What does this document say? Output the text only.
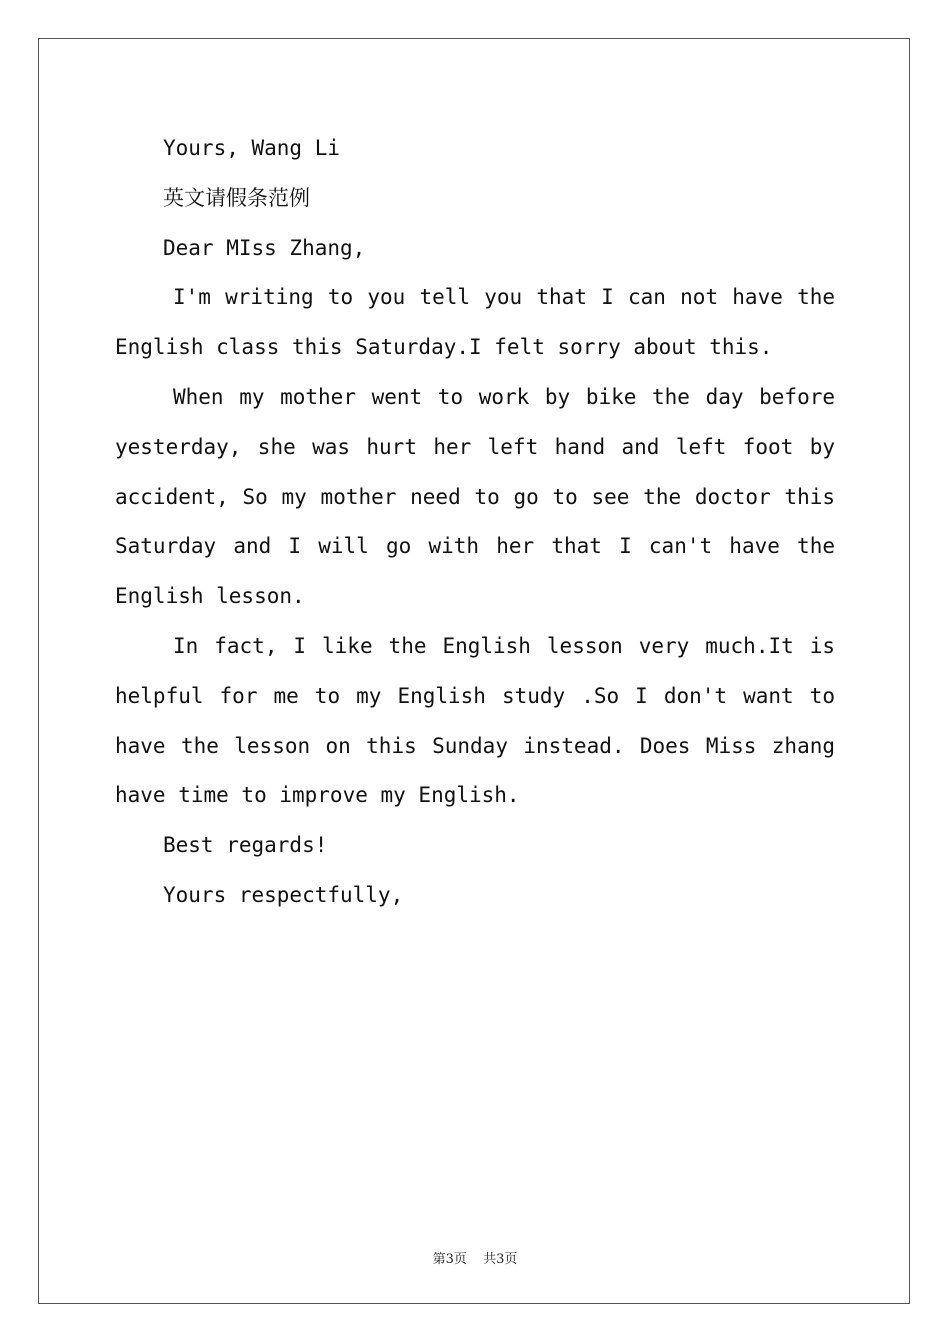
Yours, Wang Li

英文请假条范例

Dear MIss Zhang,

I'm writing to you tell you that I can not have the English class this Saturday.I felt sorry about this.

When my mother went to work by bike the day before yesterday, she was hurt her left hand and left foot by accident, So my mother need to go to see the doctor this Saturday and I will go with her that I can't have the English lesson.

In fact, I like the English lesson very much.It is helpful for me to my English study .So I don't want to have the lesson on this Sunday instead. Does Miss zhang have time to improve my English.

Best regards!

Yours respectfully,

第3页 共3页
